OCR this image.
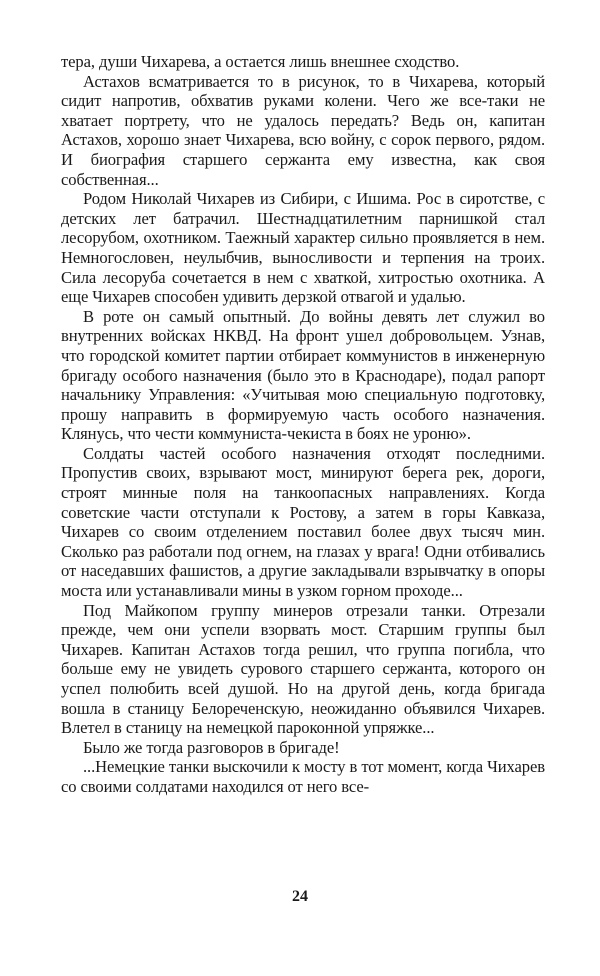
тера, души Чихарева, а остается лишь внешнее сходство.

Астахов всматривается то в рисунок, то в Чихарева, который сидит напротив, обхватив руками колени. Чего же все-таки не хватает портрету, что не удалось передать? Ведь он, капитан Астахов, хорошо знает Чихарева, всю войну, с сорок первого, рядом. И биография старшего сержанта ему известна, как своя собственная...

Родом Николай Чихарев из Сибири, с Ишима. Рос в сиротстве, с детских лет батрачил. Шестнадцатилетним парнишкой стал лесорубом, охотником. Таежный характер сильно проявляется в нем. Немногословен, неулыбчив, выносливости и терпения на троих. Сила лесоруба сочетается в нем с хваткой, хитростью охотника. А еще Чихарев способен удивить дерзкой отвагой и удалью.

В роте он самый опытный. До войны девять лет служил во внутренних войсках НКВД. На фронт ушел добровольцем. Узнав, что городской комитет партии отбирает коммунистов в инженерную бригаду особого назначения (было это в Краснодаре), подал рапорт начальнику Управления: «Учитывая мою специальную подготовку, прошу направить в формируемую часть особого назначения. Клянусь, что чести коммуниста-чекиста в боях не уроню».

Солдаты частей особого назначения отходят последними. Пропустив своих, взрывают мост, минируют берега рек, дороги, строят минные поля на танкоопасных направлениях. Когда советские части отступали к Ростову, а затем в горы Кавказа, Чихарев со своим отделением поставил более двух тысяч мин. Сколько раз работали под огнем, на глазах у врага! Одни отбивались от наседавших фашистов, а другие закладывали взрывчатку в опоры моста или устанавливали мины в узком горном проходе...

Под Майкопом группу минеров отрезали танки. Отрезали прежде, чем они успели взорвать мост. Старшим группы был Чихарев. Капитан Астахов тогда решил, что группа погибла, что больше ему не увидеть сурового старшего сержанта, которого он успел полюбить всей душой. Но на другой день, когда бригада вошла в станицу Белореченскую, неожиданно объявился Чихарев. Влетел в станицу на немецкой пароконной упряжке...

Было же тогда разговоров в бригаде!

...Немецкие танки выскочили к мосту в тот момент, когда Чихарев со своими солдатами находился от него все-

24
